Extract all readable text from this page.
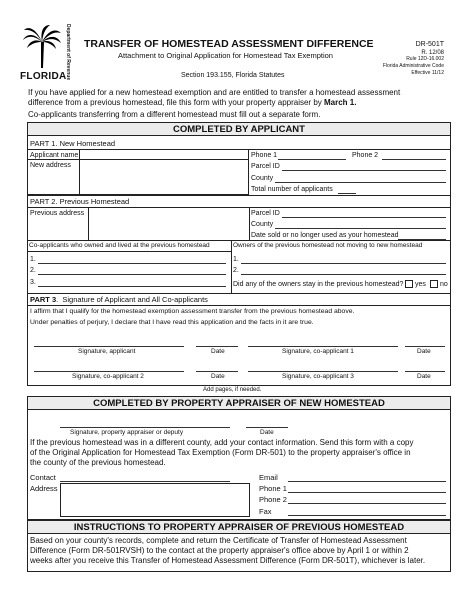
Department of Revenue
FLORIDA
TRANSFER OF HOMESTEAD ASSESSMENT DIFFERENCE
Attachment to Original Application for Homestead Tax Exemption
Section 193.155, Florida Statutes
DR-501T
R. 12/08
Rule 12D-16.002
Florida Administrative Code
Effective 11/12
If you have applied for a new homestead exemption and are entitled to transfer a homestead assessment
difference from a previous homestead, file this form with your property appraiser by March 1.
Co-applicants transferring from a different homestead must fill out a separate form.
COMPLETED BY APPLICANT
PART 1. New Homestead
Applicant name
New address
Phone 1	Phone 2
Parcel ID
County
Total number of applicants
PART 2. Previous Homestead
Previous address	Parcel ID
County
Date sold or no longer used as your homestead
Co-applicants who owned and lived at the previous homestead
1.
2.
3.
Owners of the previous homestead not moving to new homestead
1.
2.
Did any of the owners stay in the previous homestead? yes no
PART 3.  Signature of Applicant and All Co-applicants
I affirm that I qualify for the homestead exemption assessment transfer from the previous homestead above.
Under penalties of perjury, I declare that I have read this application and the facts in it are true.
Signature, applicant	Date	Signature, co-applicant 1	Date
Signature, co-applicant 2	Date	Signature, co-applicant 3	Date
Add pages, if needed.
COMPLETED BY PROPERTY APPRAISER OF NEW HOMESTEAD
Signature, property appraiser or deputy	Date
If the previous homestead was in a different county, add your contact information. Send this form with a copy
of the Original Application for Homestead Tax Exemption (Form DR-501) to the property appraiser's office in
the county of the previous homestead.
Contact
Address
Email
Phone 1
Phone 2
Fax
INSTRUCTIONS TO PROPERTY APPRAISER OF PREVIOUS HOMESTEAD
Based on your county's records, complete and return the Certificate of Transfer of Homestead Assessment
Difference (Form DR-501RVSH) to the contact at the property appraiser's office above by April 1 or within 2
weeks after you receive this Transfer of Homestead Assessment Difference (Form DR-501T), whichever is later.
